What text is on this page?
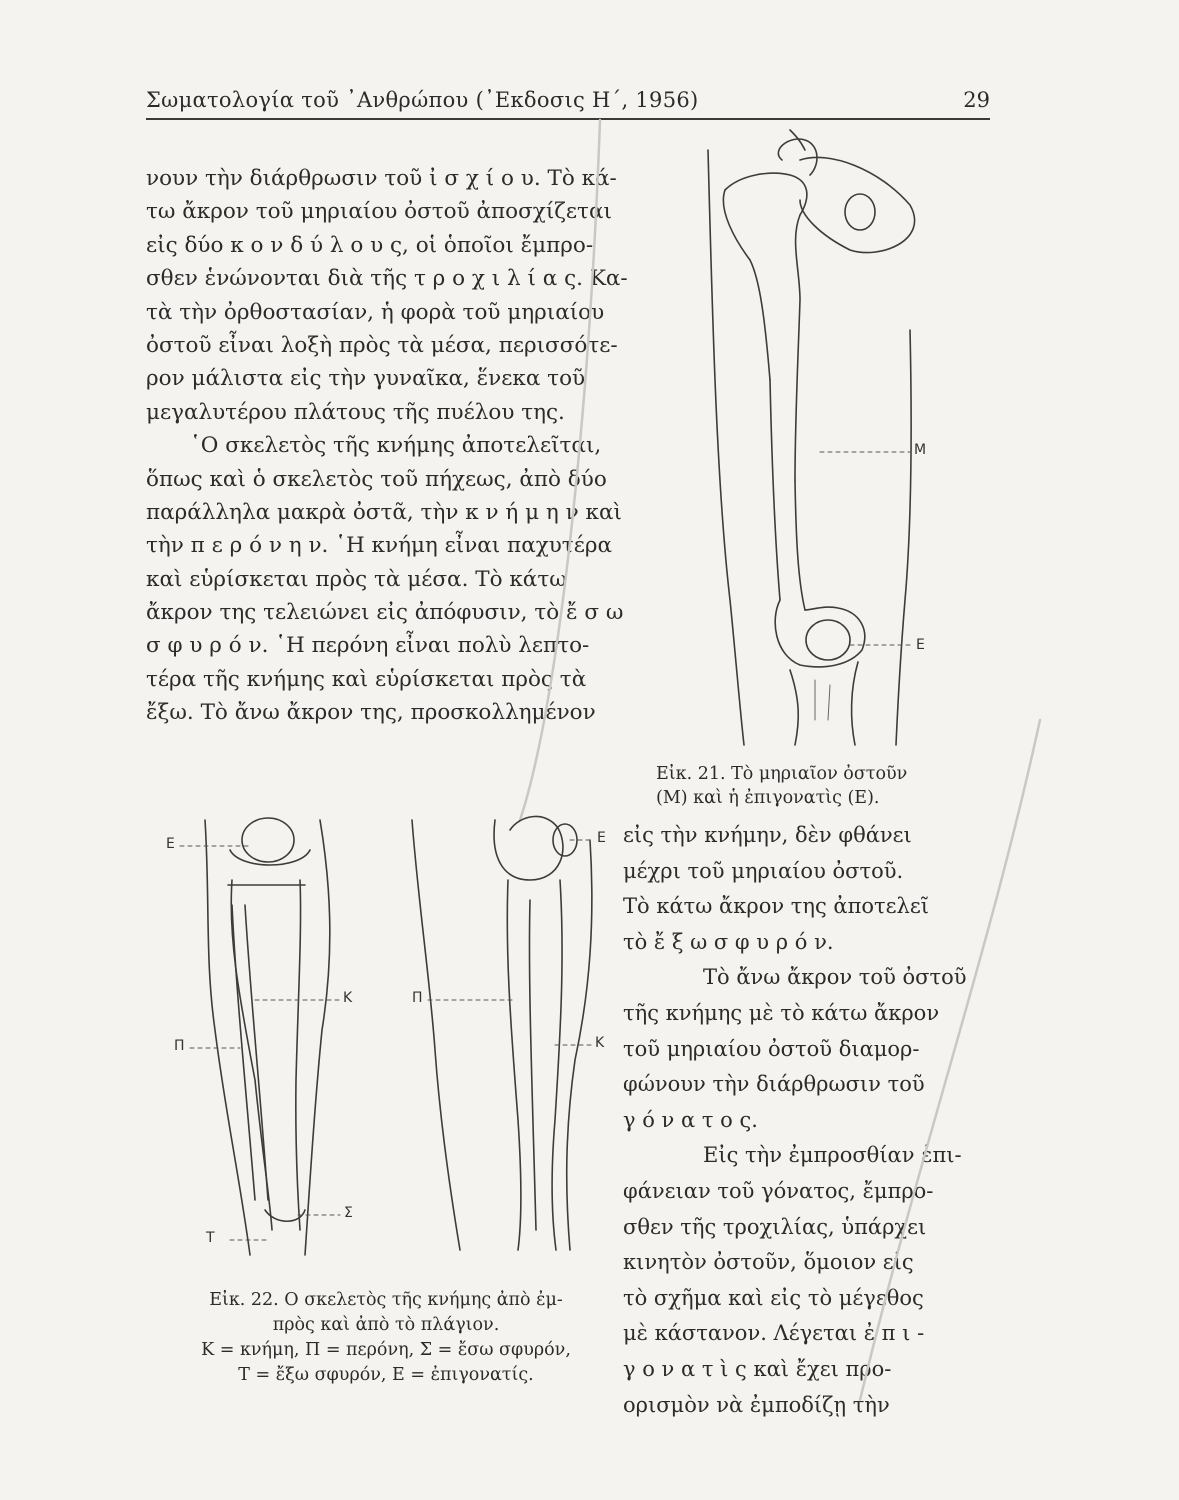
Σωματολογία τοῦ ᾿Ανθρώπου (᾿Εκδοσις Η΄, 1956)	29
νουν τὴν διάρθρωσιν τοῦ ἰ σ χ ί ο υ. Τὸ κά-
τω ἄκρον τοῦ μηριαίου ὀστοῦ ἀποσχίζεται
εἰς δύο κ ο ν δ ύ λ ο υ ς, οἱ ὁποῖοι ἔμπρο-
σθεν ἑνώνονται διὰ τῆς τ ρ ο χ ι λ ί α ς. Κα-
τὰ τὴν ὀρθοστασίαν, ἡ φορὰ τοῦ μηριαίου
ὀστοῦ εἶναι λοξὴ πρὸς τὰ μέσα, περισσότε-
ρον μάλιστα εἰς τὴν γυναῖκα, ἕνεκα τοῦ
μεγαλυτέρου πλάτους τῆς πυέλου της.
῾Ο σκελετὸς τῆς κνήμης ἀποτελεῖται,
ὅπως καὶ ὁ σκελετὸς τοῦ πήχεως, ἀπὸ δύο
παράλληλα μακρὰ ὀστᾶ, τὴν κ ν ή μ η ν καὶ
τὴν π ε ρ ό ν η ν. ῾Η κνήμη εἶναι παχυτέρα
καὶ εὑρίσκεται πρὸς τὰ μέσα. Τὸ κάτω
ἄκρον της τελειώνει εἰς ἀπόφυσιν, τὸ ἔ σ ω
σ φ υ ρ ό ν. ῾Η περόνη εἶναι πολὺ λεπτο-
τέρα τῆς κνήμης καὶ εὑρίσκεται πρὸς τὰ
ἔξω. Τὸ ἄνω ἄκρον της, προσκολλημένον
Εἰκ. 21. Τὸ μηριαῖον ὀστοῦν
(Μ) καὶ ἡ ἐπιγονατὶς (Ε).
εἰς τὴν κνήμην, δὲν φθάνει
μέχρι τοῦ μηριαίου ὀστοῦ.
Τὸ κάτω ἄκρον της ἀποτελεῖ
τὸ ἔ ξ ω σ φ υ ρ ό ν.
Τὸ ἄνω ἄκρον τοῦ ὀστοῦ
τῆς κνήμης μὲ τὸ κάτω ἄκρον
τοῦ μηριαίου ὀστοῦ διαμορ-
φώνουν τὴν διάρθρωσιν τοῦ
γ ό ν α τ ο ς.
Εἰς τὴν ἐμπροσθίαν ἐπι-
φάνειαν τοῦ γόνατος, ἔμπρο-
σθεν τῆς τροχιλίας, ὑπάρχει
κινητὸν ὀστοῦν, ὅμοιον εἰς
τὸ σχῆμα καὶ εἰς τὸ μέγεθος
μὲ κάστανον. Λέγεται ἐ π ι -
γ ο ν α τ ὶ ς καὶ ἔχει προ-
ορισμὸν νὰ ἐμποδίζῃ τὴν
Εἰκ. 22. Ο σκελετὸς τῆς κνήμης ἀπὸ ἐμ-
πρὸς καὶ ἀπὸ τὸ πλάγιον.
Κ = κνήμη, Π = περόνη, Σ = ἔσω σφυρόν,
Τ = ἔξω σφυρόν, Ε = ἐπιγονατίς.
M
E
E
K
Π
Σ
T
E
Π
K
